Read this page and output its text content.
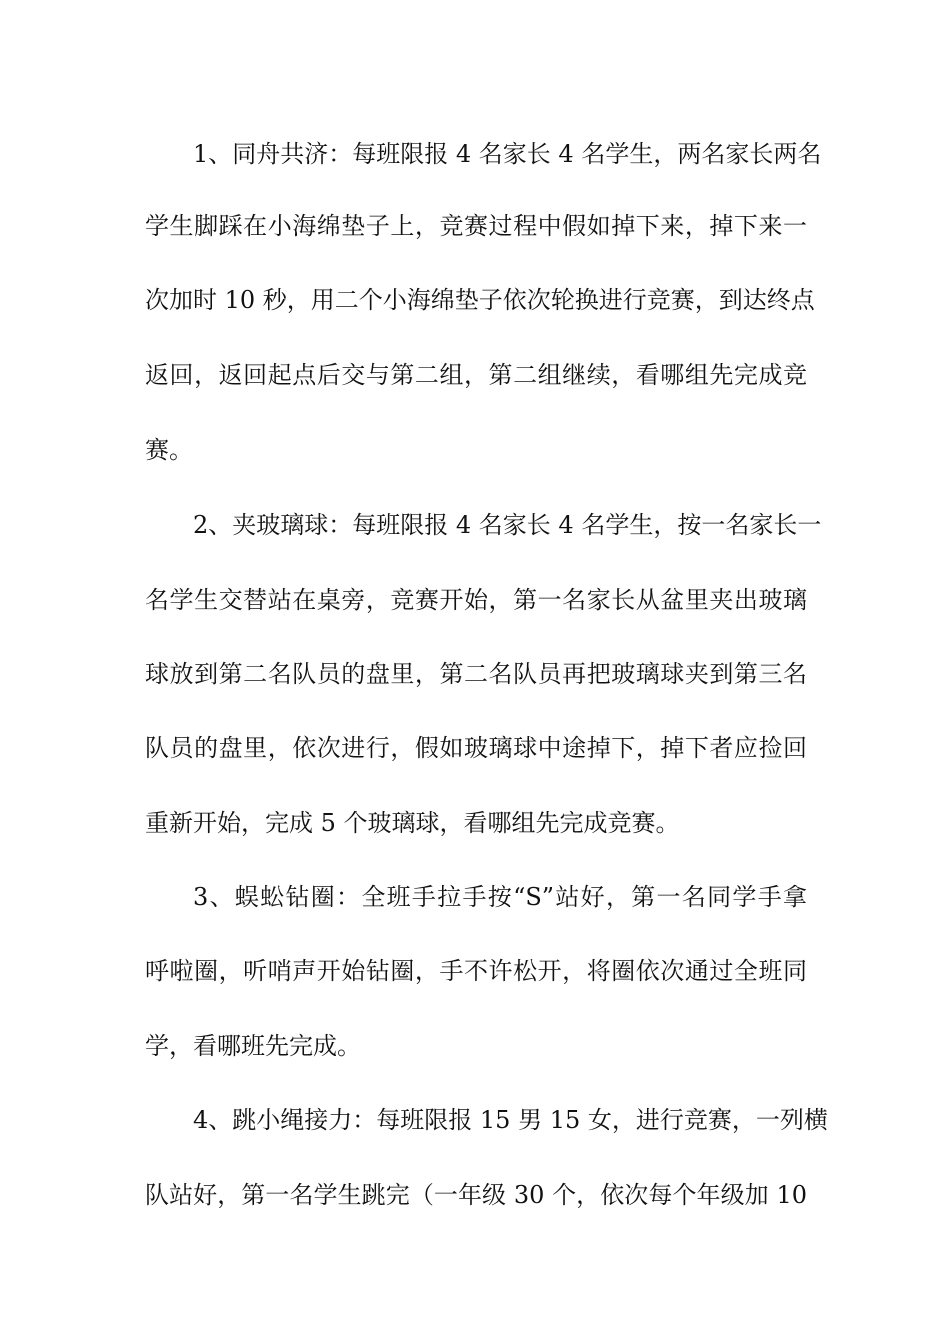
1、同舟共济：每班限报 4 名家长 4 名学生，两名家长两名
学生脚踩在小海绵垫子上，竞赛过程中假如掉下来，掉下来一
次加时 10 秒，用二个小海绵垫子依次轮换进行竞赛，到达终点
返回，返回起点后交与第二组，第二组继续，看哪组先完成竞
赛。
2、夹玻璃球：每班限报 4 名家长 4 名学生，按一名家长一
名学生交替站在桌旁，竞赛开始，第一名家长从盆里夹出玻璃
球放到第二名队员的盘里，第二名队员再把玻璃球夹到第三名
队员的盘里，依次进行，假如玻璃球中途掉下，掉下者应捡回
重新开始，完成 5 个玻璃球，看哪组先完成竞赛。
3、蜈蚣钻圈：全班手拉手按“S”站好，第一名同学手拿
呼啦圈，听哨声开始钻圈，手不许松开，将圈依次通过全班同
学，看哪班先完成。
4、跳小绳接力：每班限报 15 男 15 女，进行竞赛，一列横
队站好，第一名学生跳完（一年级 30 个，依次每个年级加 10
